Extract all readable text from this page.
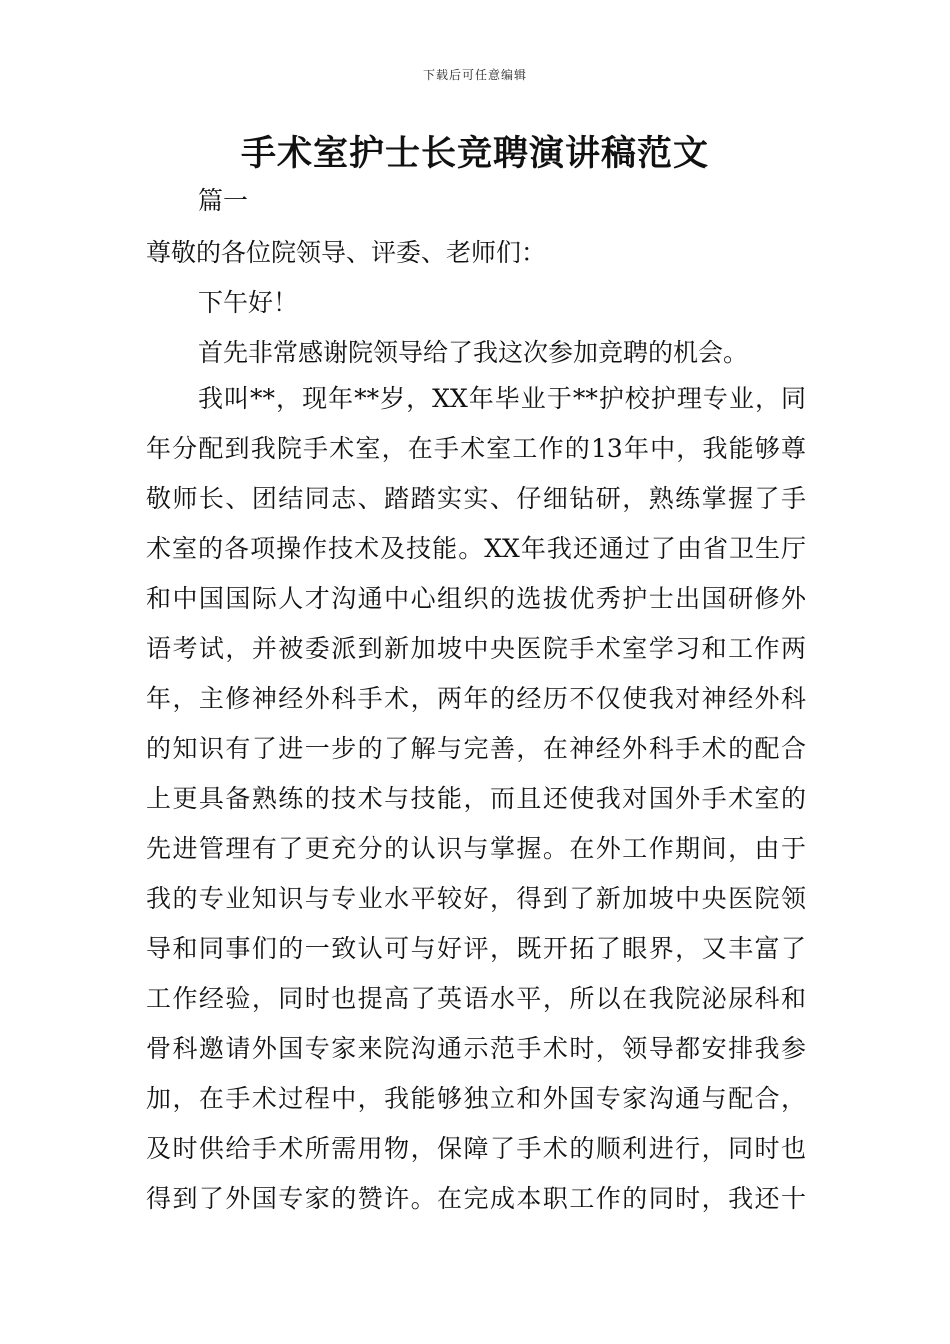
下载后可任意编辑
手术室护士长竞聘演讲稿范文
篇一
尊敬的各位院领导、评委、老师们：
下午好！
首先非常感谢院领导给了我这次参加竞聘的机会。
我叫**，现年**岁，XX年毕业于**护校护理专业，同
年分配到我院手术室，在手术室工作的13年中，我能够尊
敬师长、团结同志、踏踏实实、仔细钻研，熟练掌握了手
术室的各项操作技术及技能。XX年我还通过了由省卫生厅
和中国国际人才沟通中心组织的选拔优秀护士出国研修外
语考试，并被委派到新加坡中央医院手术室学习和工作两
年，主修神经外科手术，两年的经历不仅使我对神经外科
的知识有了进一步的了解与完善，在神经外科手术的配合
上更具备熟练的技术与技能，而且还使我对国外手术室的
先进管理有了更充分的认识与掌握。在外工作期间，由于
我的专业知识与专业水平较好，得到了新加坡中央医院领
导和同事们的一致认可与好评，既开拓了眼界，又丰富了
工作经验，同时也提高了英语水平，所以在我院泌尿科和
骨科邀请外国专家来院沟通示范手术时，领导都安排我参
加，在手术过程中，我能够独立和外国专家沟通与配合，
及时供给手术所需用物，保障了手术的顺利进行，同时也
得到了外国专家的赞许。在完成本职工作的同时，我还十
